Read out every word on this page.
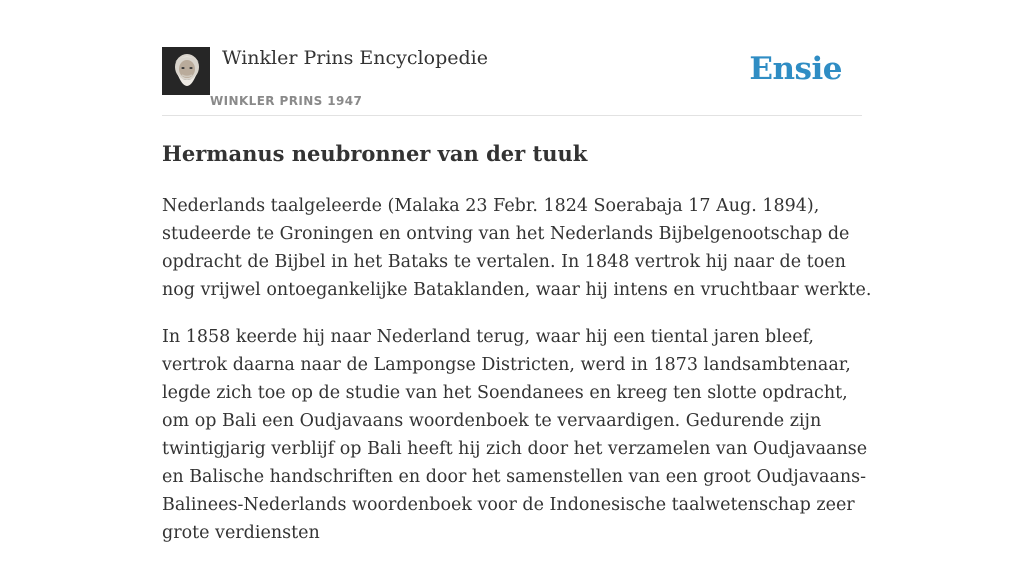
Winkler Prins Encyclopedie
WINKLER PRINS 1947
Ensie
Hermanus neubronner van der tuuk

Nederlands taalgeleerde (Malaka 23 Febr. 1824 Soerabaja 17 Aug. 1894), studeerde te Groningen en ontving van het Nederlands Bijbelgenootschap de opdracht de Bijbel in het Bataks te vertalen. In 1848 vertrok hij naar de toen nog vrijwel ontoegankelijke Bataklanden, waar hij intens en vruchtbaar werkte.

In 1858 keerde hij naar Nederland terug, waar hij een tiental jaren bleef, vertrok daarna naar de Lampongse Districten, werd in 1873 landsambtenaar, legde zich toe op de studie van het Soendanees en kreeg ten slotte opdracht, om op Bali een Oudjavaans woordenboek te vervaardigen. Gedurende zijn twintigjarig verblijf op Bali heeft hij zich door het verzamelen van Oudjavaanse en Balische handschriften en door het samenstellen van een groot Oudjavaans-Balinees-Nederlands woordenboek voor de Indonesische taalwetenschap zeer grote verdiensten
